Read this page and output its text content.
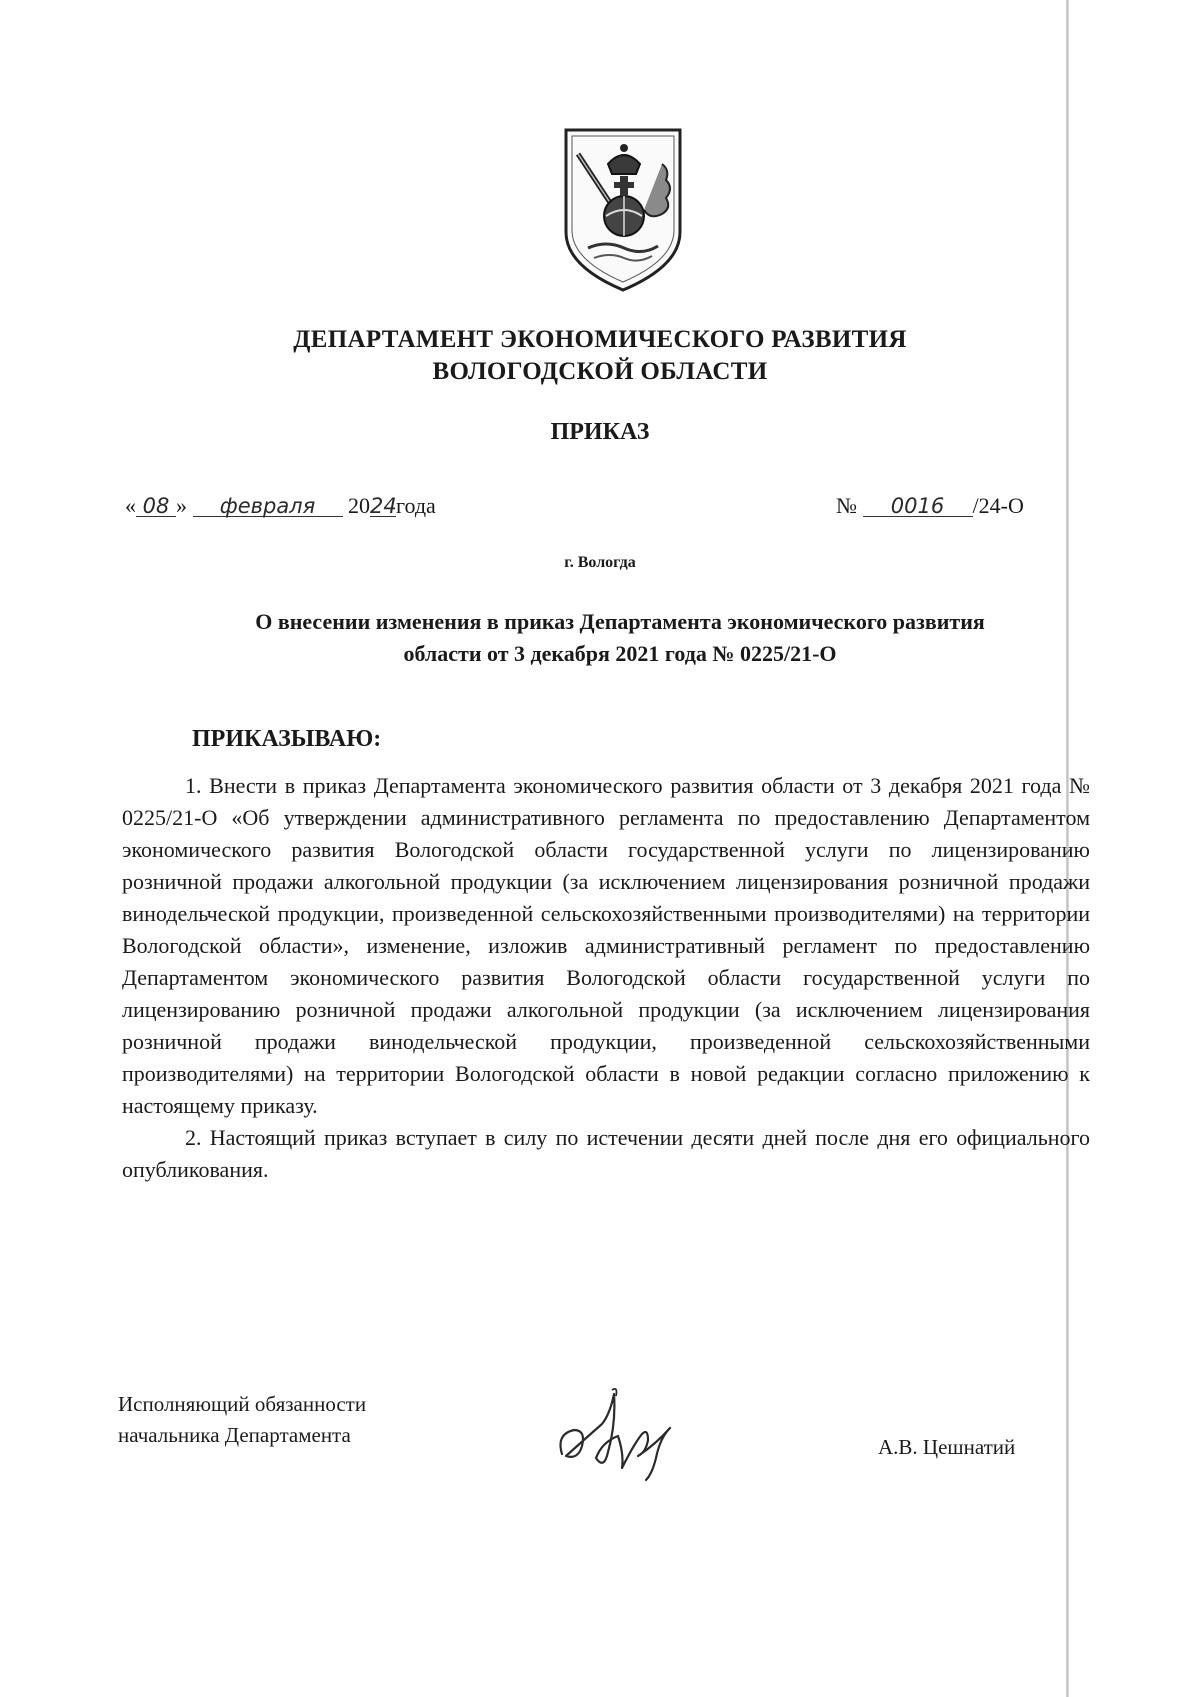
ДЕПАРТАМЕНТ ЭКОНОМИЧЕСКОГО РАЗВИТИЯ
ВОЛОГОДСКОЙ ОБЛАСТИ
ПРИКАЗ
« 08 » февраля 2024года	№ 0016 /24-О
г. Вологда
О внесении изменения в приказ Департамента экономического развития
области от 3 декабря 2021 года № 0225/21-О
ПРИКАЗЫВАЮ:

1. Внести в приказ Департамента экономического развития области от 3 декабря 2021 года № 0225/21-О «Об утверждении административного регламента по предоставлению Департаментом экономического развития Вологодской области государственной услуги по лицензированию розничной продажи алкогольной продукции (за исключением лицензирования розничной продажи винодельческой продукции, произведенной сельскохозяйственными производителями) на территории Вологодской области», изменение, изложив административный регламент по предоставлению Департаментом экономического развития Вологодской области государственной услуги по лицензированию розничной продажи алкогольной продукции (за исключением лицензирования розничной продажи винодельческой продукции, произведенной сельскохозяйственными производителями) на территории Вологодской области в новой редакции согласно приложению к настоящему приказу.

2. Настоящий приказ вступает в силу по истечении десяти дней после дня его официального опубликования.

Исполняющий обязанности
начальника Департамента	А.В. Цешнатий
